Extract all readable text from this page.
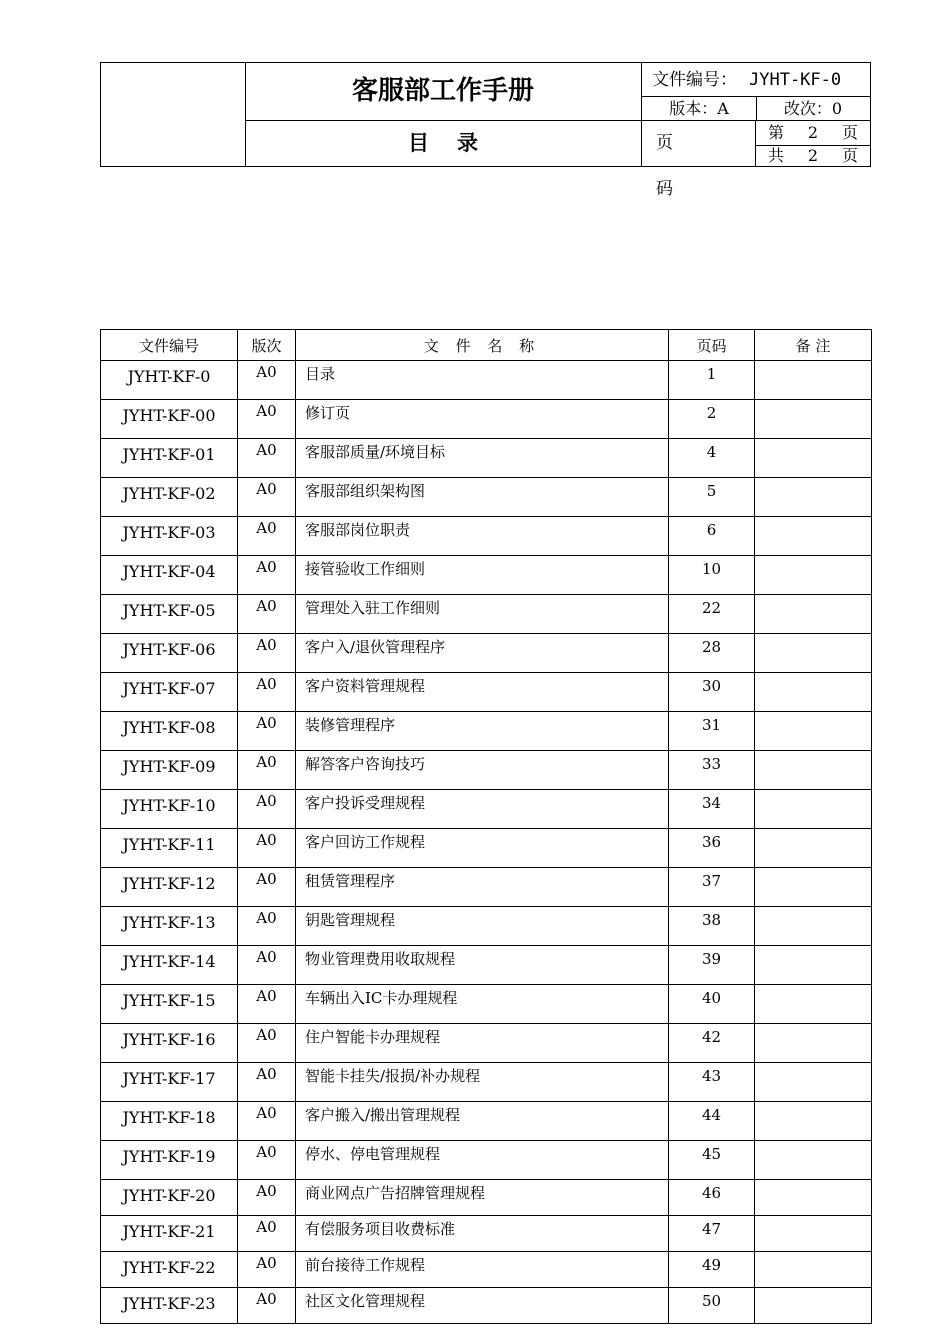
客服部工作手册
目录
文件编号： JYHT-KF-0
版本：A	改次：0
页码
第 2 页
共 2 页
文件编号	版次	文 件 名 称	页码	备 注
JYHT-KF-0	A0	目录	1	
JYHT-KF-00	A0	修订页	2	
JYHT-KF-01	A0	客服部质量/环境目标	4	
JYHT-KF-02	A0	客服部组织架构图	5	
JYHT-KF-03	A0	客服部岗位职责	6	
JYHT-KF-04	A0	接管验收工作细则	10	
JYHT-KF-05	A0	管理处入驻工作细则	22	
JYHT-KF-06	A0	客户入/退伙管理程序	28	
JYHT-KF-07	A0	客户资料管理规程	30	
JYHT-KF-08	A0	装修管理程序	31	
JYHT-KF-09	A0	解答客户咨询技巧	33	
JYHT-KF-10	A0	客户投诉受理规程	34	
JYHT-KF-11	A0	客户回访工作规程	36	
JYHT-KF-12	A0	租赁管理程序	37	
JYHT-KF-13	A0	钥匙管理规程	38	
JYHT-KF-14	A0	物业管理费用收取规程	39	
JYHT-KF-15	A0	车辆出入IC卡办理规程	40	
JYHT-KF-16	A0	住户智能卡办理规程	42	
JYHT-KF-17	A0	智能卡挂失/报损/补办规程	43	
JYHT-KF-18	A0	客户搬入/搬出管理规程	44	
JYHT-KF-19	A0	停水、停电管理规程	45	
JYHT-KF-20	A0	商业网点广告招牌管理规程	46	
JYHT-KF-21	A0	有偿服务项目收费标准	47	
JYHT-KF-22	A0	前台接待工作规程	49	
JYHT-KF-23	A0	社区文化管理规程	50	
